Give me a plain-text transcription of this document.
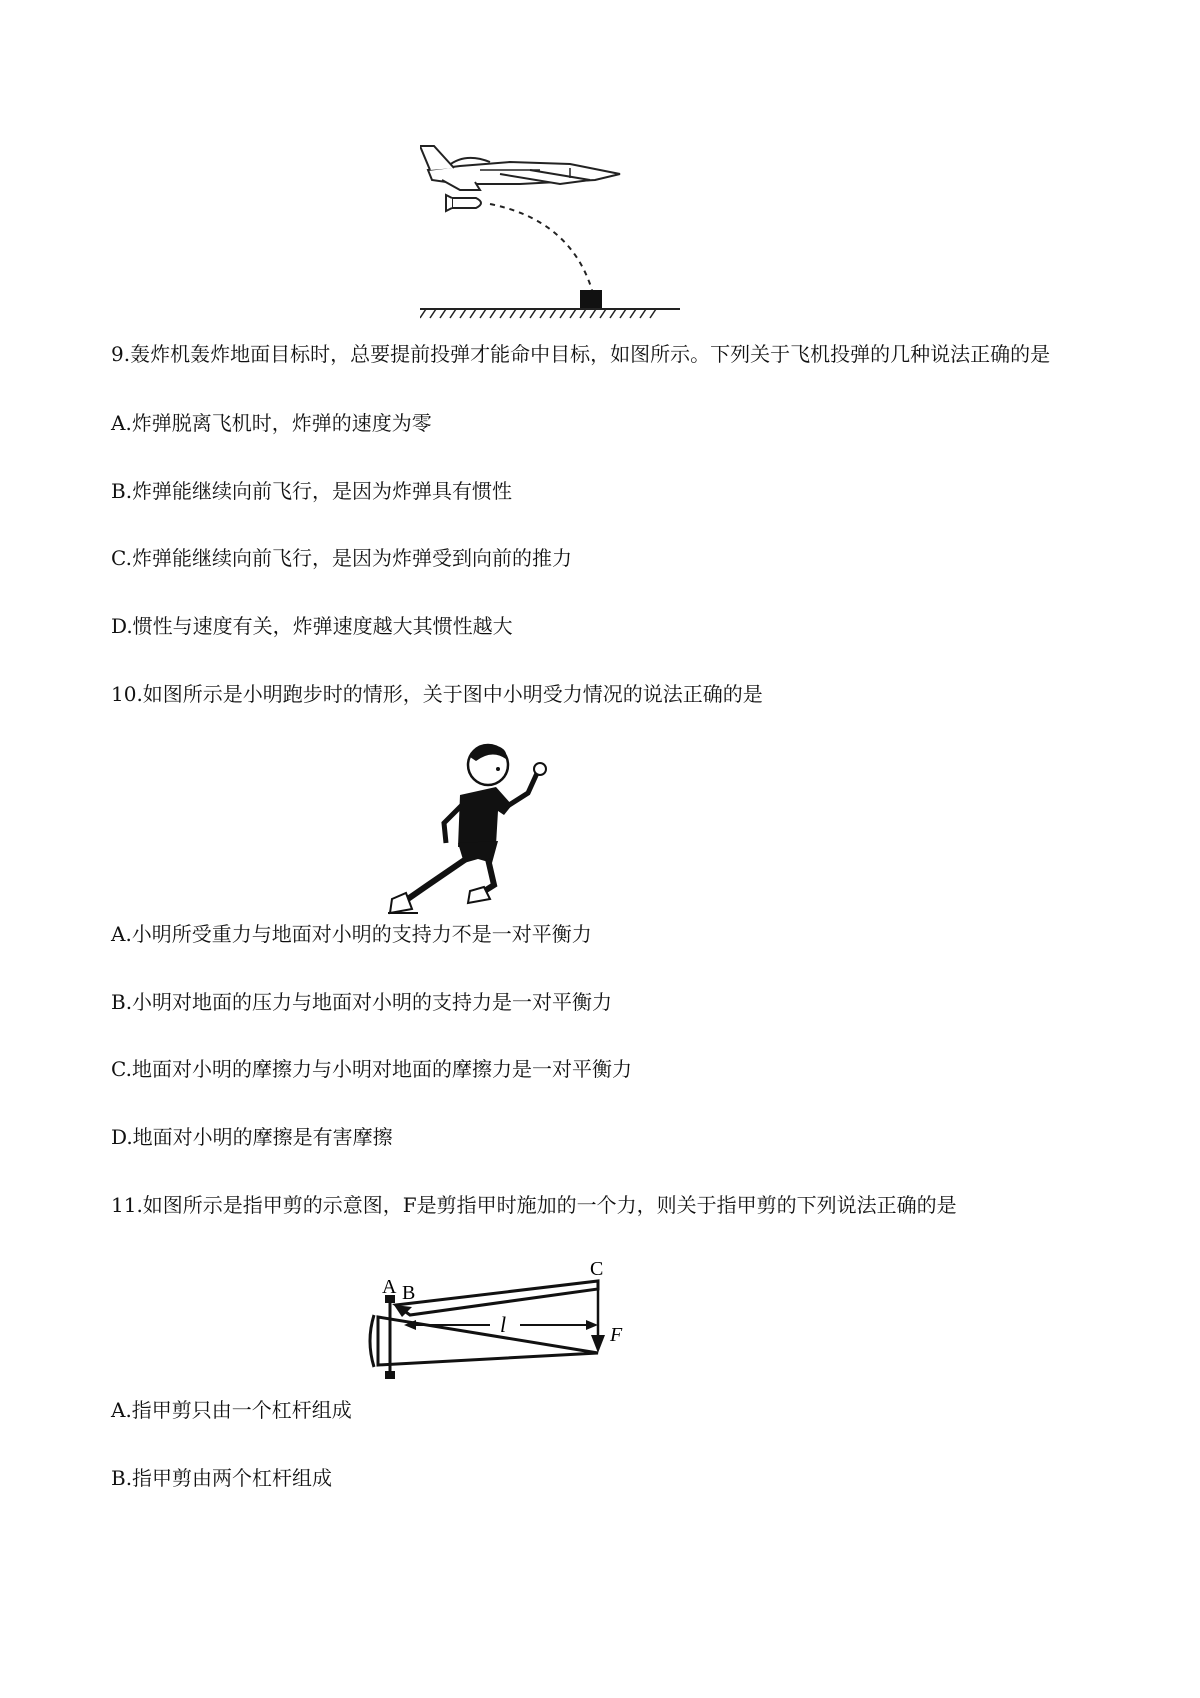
9.轰炸机轰炸地面目标时，总要提前投弹才能命中目标，如图所示。下列关于飞机投弹的几种说法正确的是
A.炸弹脱离飞机时，炸弹的速度为零
B.炸弹能继续向前飞行，是因为炸弹具有惯性
C.炸弹能继续向前飞行，是因为炸弹受到向前的推力
D.惯性与速度有关，炸弹速度越大其惯性越大
10.如图所示是小明跑步时的情形，关于图中小明受力情况的说法正确的是
A.小明所受重力与地面对小明的支持力不是一对平衡力
B.小明对地面的压力与地面对小明的支持力是一对平衡力
C.地面对小明的摩擦力与小明对地面的摩擦力是一对平衡力
D.地面对小明的摩擦是有害摩擦
11.如图所示是指甲剪的示意图，F是剪指甲时施加的一个力，则关于指甲剪的下列说法正确的是
A B
C
l	F
A.指甲剪只由一个杠杆组成
B.指甲剪由两个杠杆组成
